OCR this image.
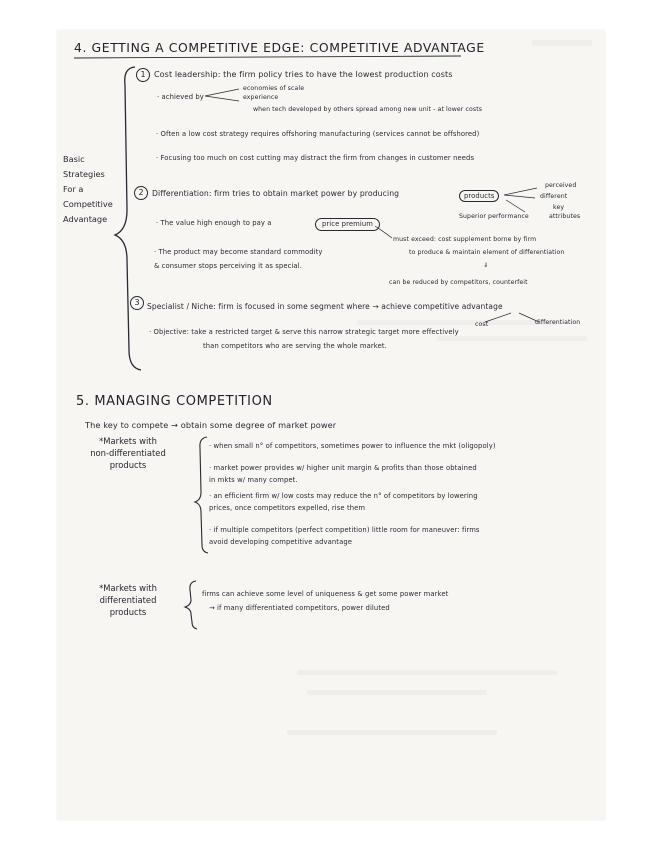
4. GETTING A COMPETITIVE EDGE: COMPETITIVE ADVANTAGE
Basic
Strategies
For a
Competitive
Advantage
1	Cost leadership: the firm policy tries to have the lowest production costs
· achieved by
economies of scale
experience
when tech developed by others spread among new unit - at lower costs
· Often a low cost strategy requires offshoring manufacturing (services cannot be offshored)
· Focusing too much on cost cutting may distract the firm from changes in customer needs
2	Differentiation: firm tries to obtain market power by producing	products
perceived
different
key
Superior performance	attributes
· The value high enough to pay a	price premium
must exceed: cost supplement borne by firm
to produce & maintain element of differentiation
⇓
· The product may become standard commodity
& consumer stops perceiving it as special.
can be reduced by competitors, counterfeit
3 Specialist / Niche: firm is focused in some segment where → achieve competitive advantage
cost	differentiation
· Objective: take a restricted target & serve this narrow strategic target more effectively
than competitors who are serving the whole market.
5. MANAGING COMPETITION
The key to compete → obtain some degree of market power
*Markets with
non-differentiated
products
· when small n° of competitors, sometimes power to influence the mkt (oligopoly)
· market power provides w/ higher unit margin & profits than those obtained
in mkts w/ many compet.
· an efficient firm w/ low costs may reduce the n° of competitors by lowering
prices, once competitors expelled, rise them
· if multiple competitors (perfect competition) little room for maneuver: firms
avoid developing competitive advantage
*Markets with
differentiated
products
firms can achieve some level of uniqueness & get some power market
→ if many differentiated competitors, power diluted
